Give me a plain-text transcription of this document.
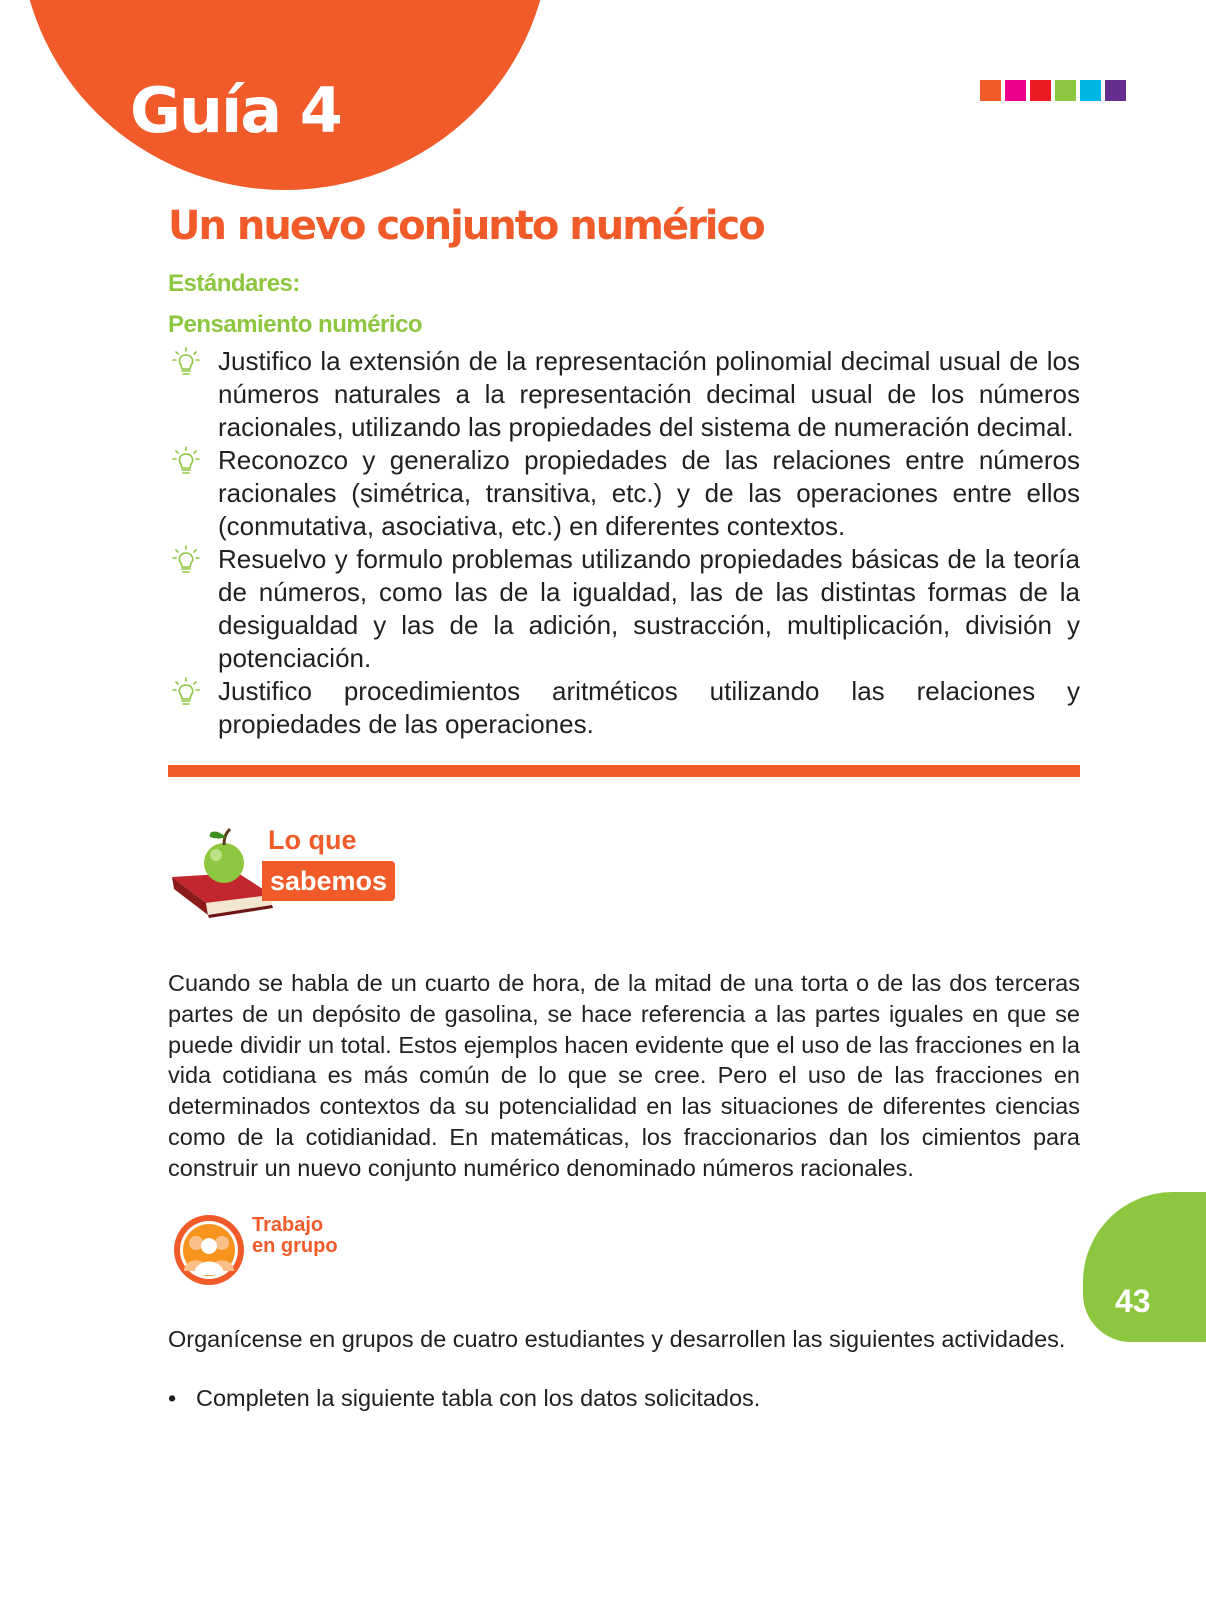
Guía 4
Un nuevo conjunto numérico
Estándares:
Pensamiento numérico
Justifico la extensión de la representación polinomial decimal usual de los números naturales a la representación decimal usual de los números racionales, utilizando las propiedades del sistema de numeración decimal.
Reconozco y generalizo propiedades de las relaciones entre números racionales (simétrica, transitiva, etc.) y de las operaciones entre ellos (conmutativa, asociativa, etc.) en diferentes contextos.
Resuelvo y formulo problemas utilizando propiedades básicas de la teoría de números, como las de la igualdad, las de las distintas formas de la desigualdad y las de la adición, sustracción, multiplicación, división y potenciación.
Justifico procedimientos aritméticos utilizando las relaciones y propiedades de las operaciones.
Lo que
sabemos

Cuando se habla de un cuarto de hora, de la mitad de una torta o de las dos terceras partes de un depósito de gasolina, se hace referencia a las partes iguales en que se puede dividir un total. Estos ejemplos hacen evidente que el uso de las fracciones en la vida cotidiana es más común de lo que se cree. Pero el uso de las fracciones en determinados contextos da su potencialidad en las situaciones de diferentes ciencias como de la cotidianidad. En matemáticas, los fraccionarios dan los cimientos para construir un nuevo conjunto numérico denominado números racionales.

Trabajo
en grupo
43

Organícense en grupos de cuatro estudiantes y desarrollen las siguientes actividades.

• Completen la siguiente tabla con los datos solicitados.
